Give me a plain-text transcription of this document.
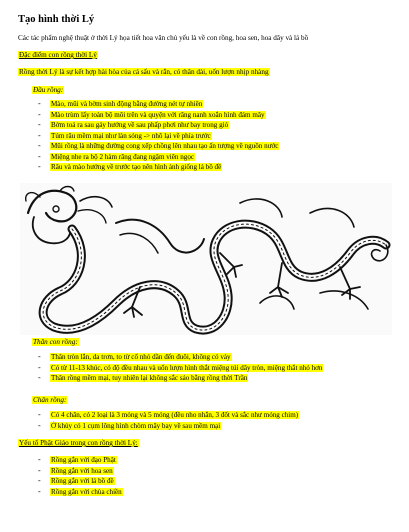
Tạo hình thời Lý
Các tác phẩm nghệ thuật ở thời Lý họa tiết hoa văn chủ yếu là về con rồng, hoa sen, hoa dây và lá bồ
Đặc điểm con rồng thời Lý
Rồng thời Lý là sự kết hợp hài hòa của cá sấu và rắn, có thân dài, uốn lượn nhịp nhàng
Đầu rồng:
- Mào, mũi và bờm sinh động bằng đường nét tự nhiên
- Mào trùm lấy toàn bộ mõi trên và quyện với răng nanh xoắn hình đám mây
- Bờm toả ra sau gáy hướng về sau phấp phơi như bay trong gió
- Túm râu mềm mại như làn sóng -> nhô lại về phía trước
- Mũi rồng là những đường cong xếp chồng lên nhau tạo ấn tượng về nguồn nước
- Miệng nhe ra bộ 2 hàm răng đang ngậm viên ngọc
- Râu và mào hướng về trước tạo nên hình ảnh giống lá bồ đề
Thân con rồng:
- Thân tròn lẳn, da trơn, to từ cổ nhỏ dần đến đuôi, không có vảy
- Có từ 11-13 khúc, có độ đều nhau và uốn lượn hình thắt miệng túi dây tròn, miệng thắt nhỏ hơn
- Thân rồng mềm mại, tuy nhiên lại không sắc sảo bằng rồng thời Trần
Chân rồng:
- Có 4 chân, có 2 loại là 3 móng và 5 móng (đều nho nhắn, 3 đốt và sắc như móng chim)
- Ở khủy có 1 cụm lông hình chòm mây bay về sau mềm mại
Yếu tố Phật Giáo trong con rồng thời Lý:
- Rồng gắn với đạo Phật
- Rồng gắn với hoa sen
- Rồng gắn với lá bồ đề
- Rồng gắn với chùa chiền
